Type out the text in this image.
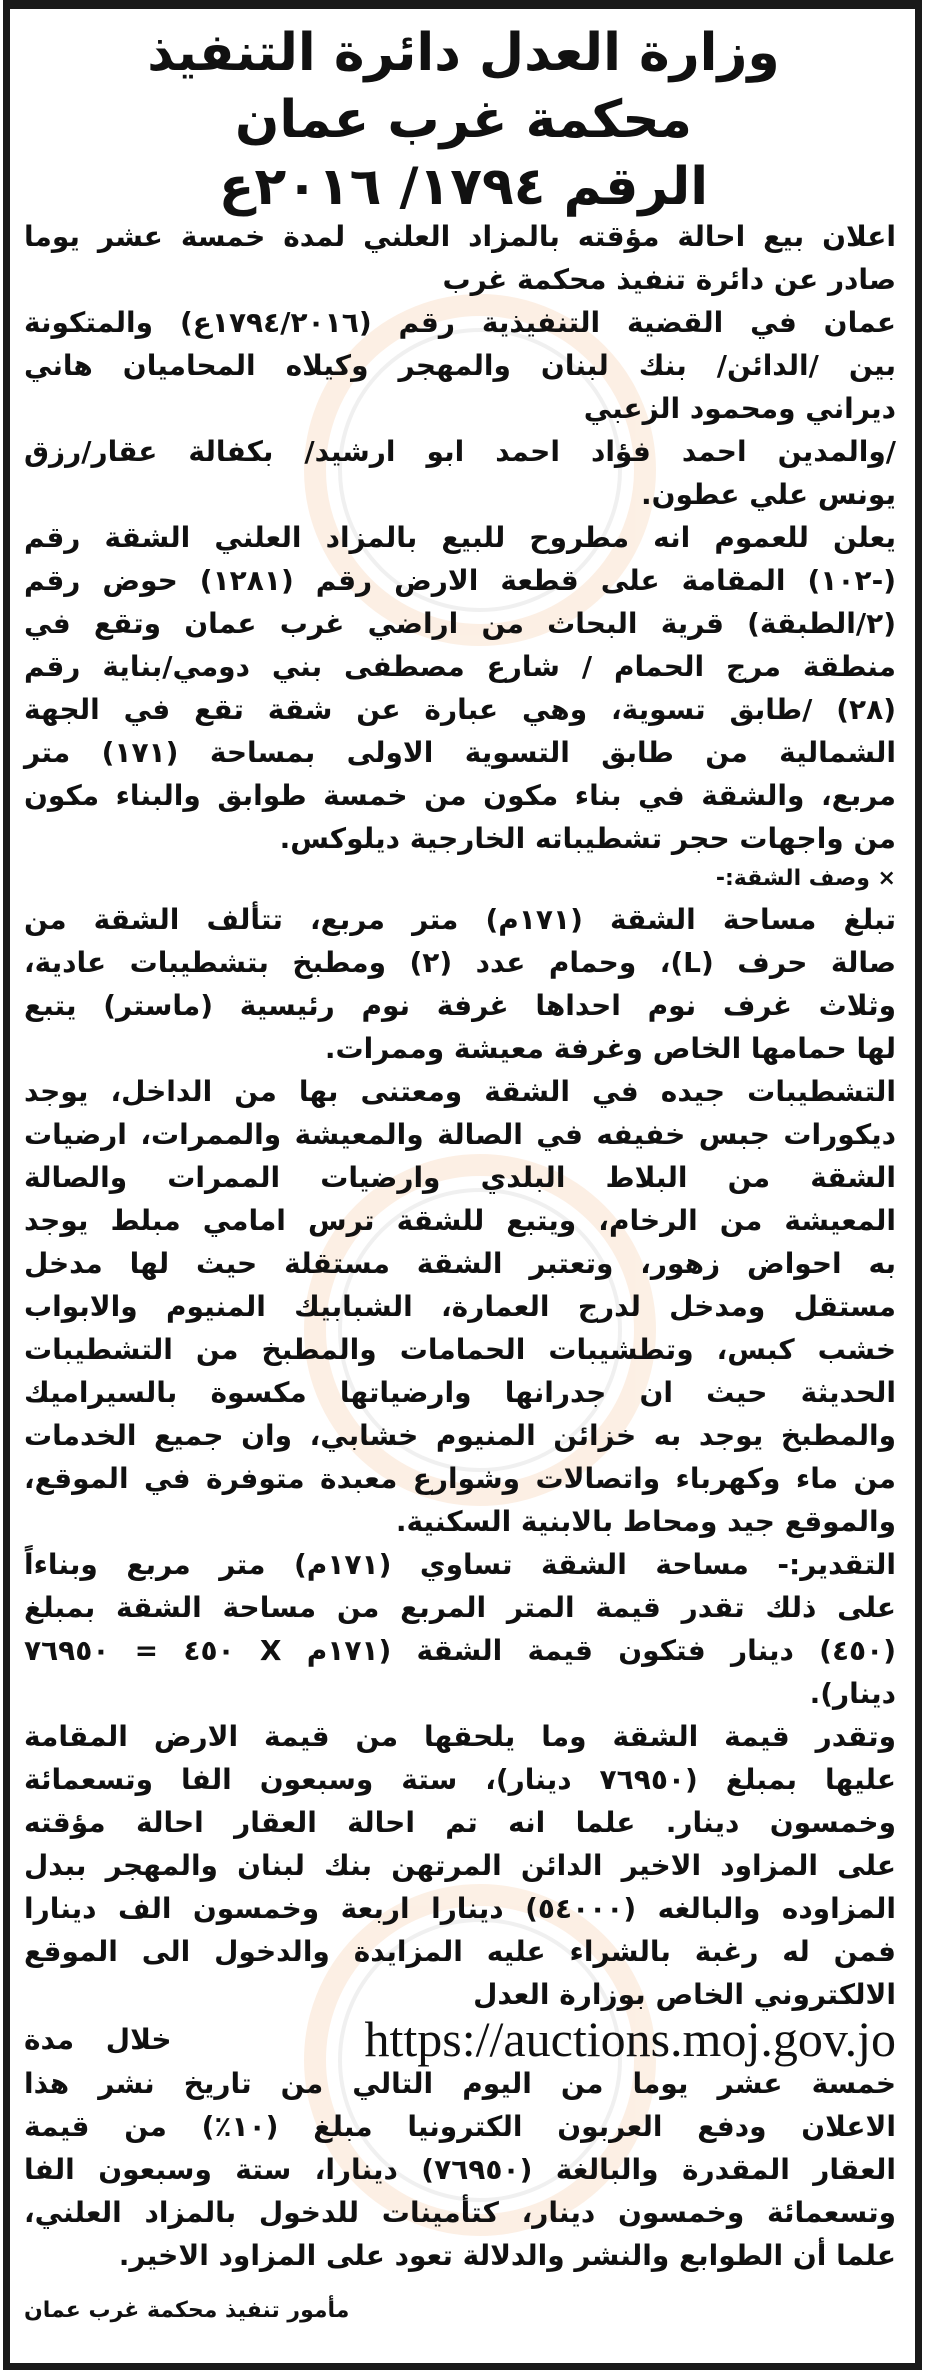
وزارة العدل دائرة التنفيذ
محكمة غرب عمان
الرقم ١٧٩٤/ ٢٠١٦ع
اعلان بيع احالة مؤقته بالمزاد العلني لمدة خمسة عشر يوما
صادر عن دائرة تنفيذ محكمة غرب
عمان في القضية التنفيذية رقم (١٧٩٤/٢٠١٦ع) والمتكونة
بين /الدائن/ بنك لبنان والمهجر وكيلاه المحاميان هاني
ديراني ومحمود الزعبي
/والمدين احمد فؤاد احمد ابو ارشيد/ بكفالة عقار/رزق
يونس علي عطون.
يعلن للعموم انه مطروح للبيع بالمزاد العلني الشقة رقم
(-١٠٢) المقامة على قطعة الارض رقم (١٢٨١) حوض رقم
(٢/الطبقة) قرية البحاث من اراضي غرب عمان وتقع في
منطقة مرج الحمام / شارع مصطفى بني دومي/بناية رقم
(٢٨) /طابق تسوية، وهي عبارة عن شقة تقع في الجهة
الشمالية من طابق التسوية الاولى بمساحة (١٧١) متر
مربع، والشقة في بناء مكون من خمسة طوابق والبناء مكون
من واجهات حجر تشطيباته الخارجية ديلوكس.
× وصف الشقة:-
تبلغ مساحة الشقة (١٧١م) متر مربع، تتألف الشقة من
صالة حرف (L)، وحمام عدد (٢) ومطبخ بتشطيبات عادية،
وثلاث غرف نوم احداها غرفة نوم رئيسية (ماستر) يتبع
لها حمامها الخاص وغرفة معيشة وممرات.
التشطيبات جيده في الشقة ومعتنى بها من الداخل، يوجد
ديكورات جبس خفيفه في الصالة والمعيشة والممرات، ارضيات
الشقة من البلاط البلدي وارضيات الممرات والصالة
المعيشة من الرخام، ويتبع للشقة ترس امامي مبلط يوجد
به احواض زهور، وتعتبر الشقة مستقلة حيث لها مدخل
مستقل ومدخل لدرج العمارة، الشبابيك المنيوم والابواب
خشب كبس، وتطشيبات الحمامات والمطبخ من التشطيبات
الحديثة حيث ان جدرانها وارضياتها مكسوة بالسيراميك
والمطبخ يوجد به خزائن المنيوم خشابي، وان جميع الخدمات
من ماء وكهرباء واتصالات وشوارع معبدة متوفرة في الموقع،
والموقع جيد ومحاط بالابنية السكنية.
التقدير:- مساحة الشقة تساوي (١٧١م) متر مربع وبناءاً
على ذلك تقدر قيمة المتر المربع من مساحة الشقة بمبلغ
(٤٥٠) دينار فتكون قيمة الشقة (١٧١م X ٤٥٠ = ٧٦٩٥٠
دينار).
وتقدر قيمة الشقة وما يلحقها من قيمة الارض المقامة
عليها بمبلغ (٧٦٩٥٠ دينار)، ستة وسبعون الفا وتسعمائة
وخمسون دينار. علما انه تم احالة العقار احالة مؤقته
على المزاود الاخير الدائن المرتهن بنك لبنان والمهجر ببدل
المزاوده والبالغه (٥٤٠٠٠) دينارا اربعة وخمسون الف دينارا
فمن له رغبة بالشراء عليه المزايدة والدخول الى الموقع
الالكتروني الخاص بوزارة العدل
https://auctions.moj.gov.jo
خلال مدة
خمسة عشر يوما من اليوم التالي من تاريخ نشر هذا
الاعلان ودفع العربون الكترونيا مبلغ (١٠٪) من قيمة
العقار المقدرة والبالغة (٧٦٩٥٠) دينارا، ستة وسبعون الفا
وتسعمائة وخمسون دينار، كتأمينات للدخول بالمزاد العلني،
علما أن الطوابع والنشر والدلالة تعود على المزاود الاخير.
مأمور تنفيذ محكمة غرب عمان
